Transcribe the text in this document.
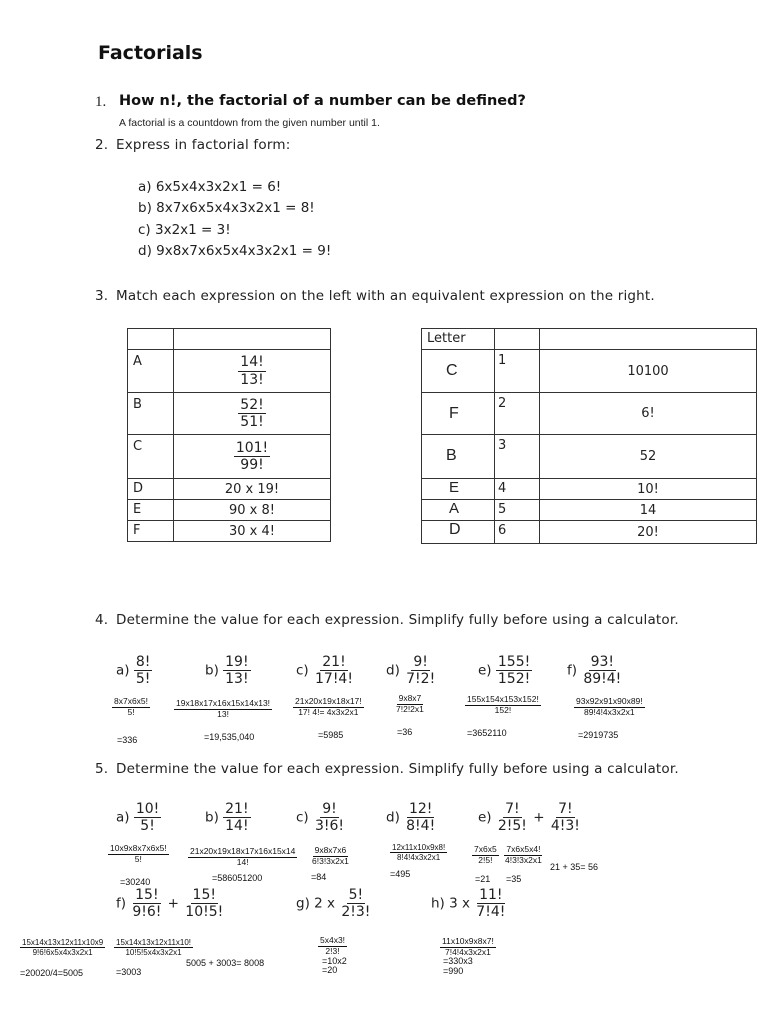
Factorials
1. How n!, the factorial of a number can be defined?
A factorial is a countdown from the given number until 1.
2. Express in factorial form:
a) 6x5x4x3x2x1 = 6!
b) 8x7x6x5x4x3x2x1 = 8!
c) 3x2x1 = 3!
d) 9x8x7x6x5x4x3x2x1 = 9!
3. Match each expression on the left with an equivalent expression on the right.

A	$\frac{14!}{13!}$

B	$\frac{52!}{51!}$

C	$\frac{101!}{99!}$

D	20 x 19!
E	90 x 8!
F	30 x 4!
Letter		
C	1	10100
F	2	6!
B	3	52
E	4	10!
A	5	14
D	6	20!
4. Determine the value for each expression. Simplify fully before using a calculator.
$a) \frac{8!}{5!}$	$b) \frac{19!}{13!}$	$c) \frac{21!}{17!4!} d) \frac{9!}{7!2!}$	$e) \frac{155!}{152!}$	$f) \frac{93!}{89!4!}$
$\frac{8x7x6x5!}{5!}$	$\frac{19x18x17x16x15x14x13!}{13!} \frac{21x20x19x18x17!}{17! 4!= 4x3x2x1}$	$\frac{9x8x7}{7!2!2x1}$	$\frac{155x154x153x152!}{152!}$	$\frac{93x92x91x90x89!}{89!4!4x3x2x1}$
=336	=19,535,040	=5985	=36	=3652110	=2919735
5. Determine the value for each expression. Simplify fully before using a calculator.
$a) \frac{10!}{5!}$	$b) \frac{21!}{14!}$	$c) \frac{9!}{3!6!}$	$d) \frac{12!}{8!4!}$	$e) \frac{7!}{2!5!} + \frac{7!}{4!3!}$
$\frac{10x9x8x7x6x5!}{5!} \frac{21x20x19x18x17x16x15x14}{14!} \frac{9x8x7x6}{6!3!3x2x1}$	$\frac{12x11x10x9x8!}{8!4!4x3x2x1}$	$\frac{7x6x5}{2!5!} \frac{7x6x5x4!}{4!3!3x2x1}$
21 + 35= 56
=30240	=586051200	=84	=495	=21 =35
$f) \frac{15!}{9!6!} + \frac{15!}{10!5!}$	g) 2 x $\frac{5!}{2!3!}$	h) 3 x $\frac{11!}{7!4!}$
$\frac{15x14x13x12x11x10x9}{9!6!6x5x4x3x2x1} \frac{15x14x13x12x11x10!}{10!5!5x4x3x2x1}$
5005 + 3003= 8008
=20020/4=5005	=3003
$\frac{5x4x3!}{2!3!}$
=10x2
=20
$\frac{11x10x9x8x7!}{7!4!4x3x2x1}$
=330x3
=990
